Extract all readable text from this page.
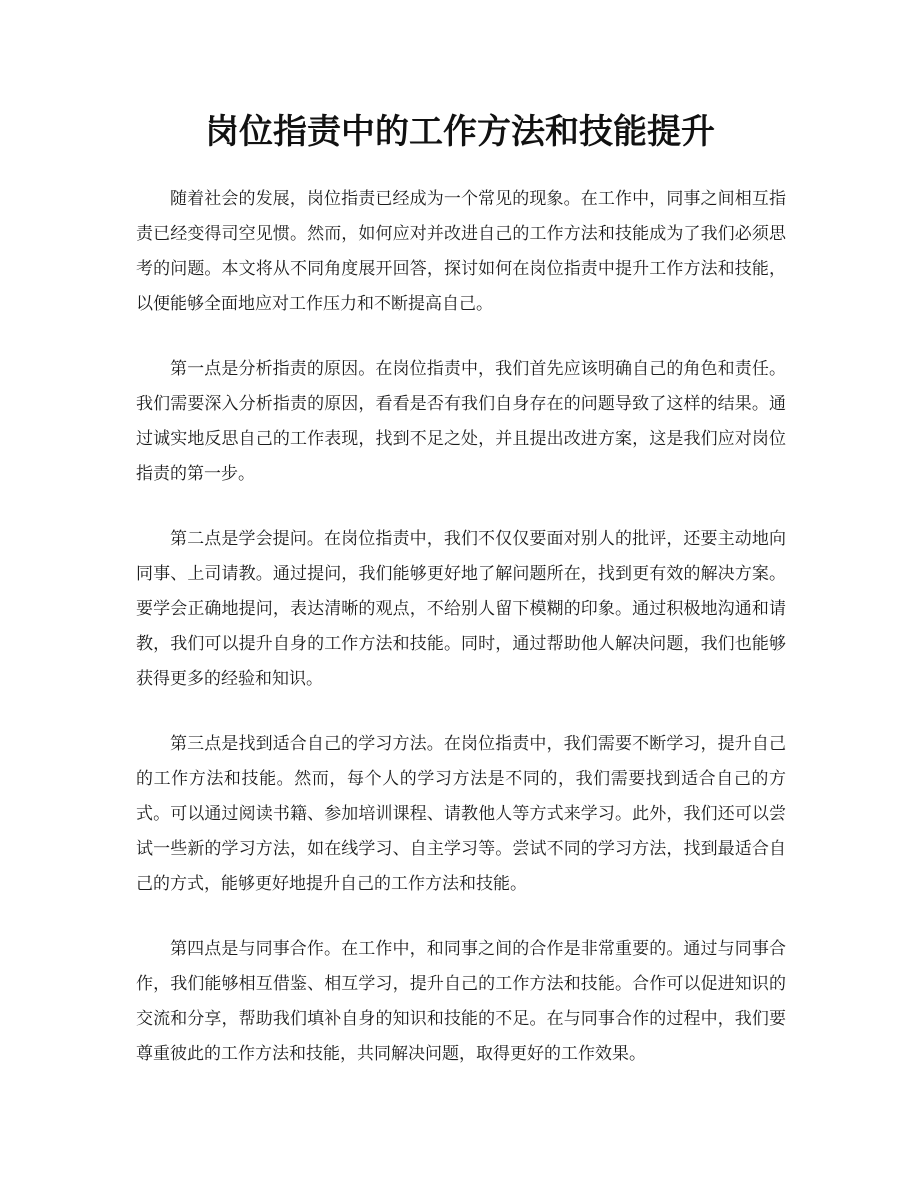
岗位指责中的工作方法和技能提升

随着社会的发展，岗位指责已经成为一个常见的现象。在工作中，同事之间相互指责已经变得司空见惯。然而，如何应对并改进自己的工作方法和技能成为了我们必须思考的问题。本文将从不同角度展开回答，探讨如何在岗位指责中提升工作方法和技能，以便能够全面地应对工作压力和不断提高自己。

第一点是分析指责的原因。在岗位指责中，我们首先应该明确自己的角色和责任。我们需要深入分析指责的原因，看看是否有我们自身存在的问题导致了这样的结果。通过诚实地反思自己的工作表现，找到不足之处，并且提出改进方案，这是我们应对岗位指责的第一步。

第二点是学会提问。在岗位指责中，我们不仅仅要面对别人的批评，还要主动地向同事、上司请教。通过提问，我们能够更好地了解问题所在，找到更有效的解决方案。要学会正确地提问，表达清晰的观点，不给别人留下模糊的印象。通过积极地沟通和请教，我们可以提升自身的工作方法和技能。同时，通过帮助他人解决问题，我们也能够获得更多的经验和知识。

第三点是找到适合自己的学习方法。在岗位指责中，我们需要不断学习，提升自己的工作方法和技能。然而，每个人的学习方法是不同的，我们需要找到适合自己的方式。可以通过阅读书籍、参加培训课程、请教他人等方式来学习。此外，我们还可以尝试一些新的学习方法，如在线学习、自主学习等。尝试不同的学习方法，找到最适合自己的方式，能够更好地提升自己的工作方法和技能。

第四点是与同事合作。在工作中，和同事之间的合作是非常重要的。通过与同事合作，我们能够相互借鉴、相互学习，提升自己的工作方法和技能。合作可以促进知识的交流和分享，帮助我们填补自身的知识和技能的不足。在与同事合作的过程中，我们要尊重彼此的工作方法和技能，共同解决问题，取得更好的工作效果。
